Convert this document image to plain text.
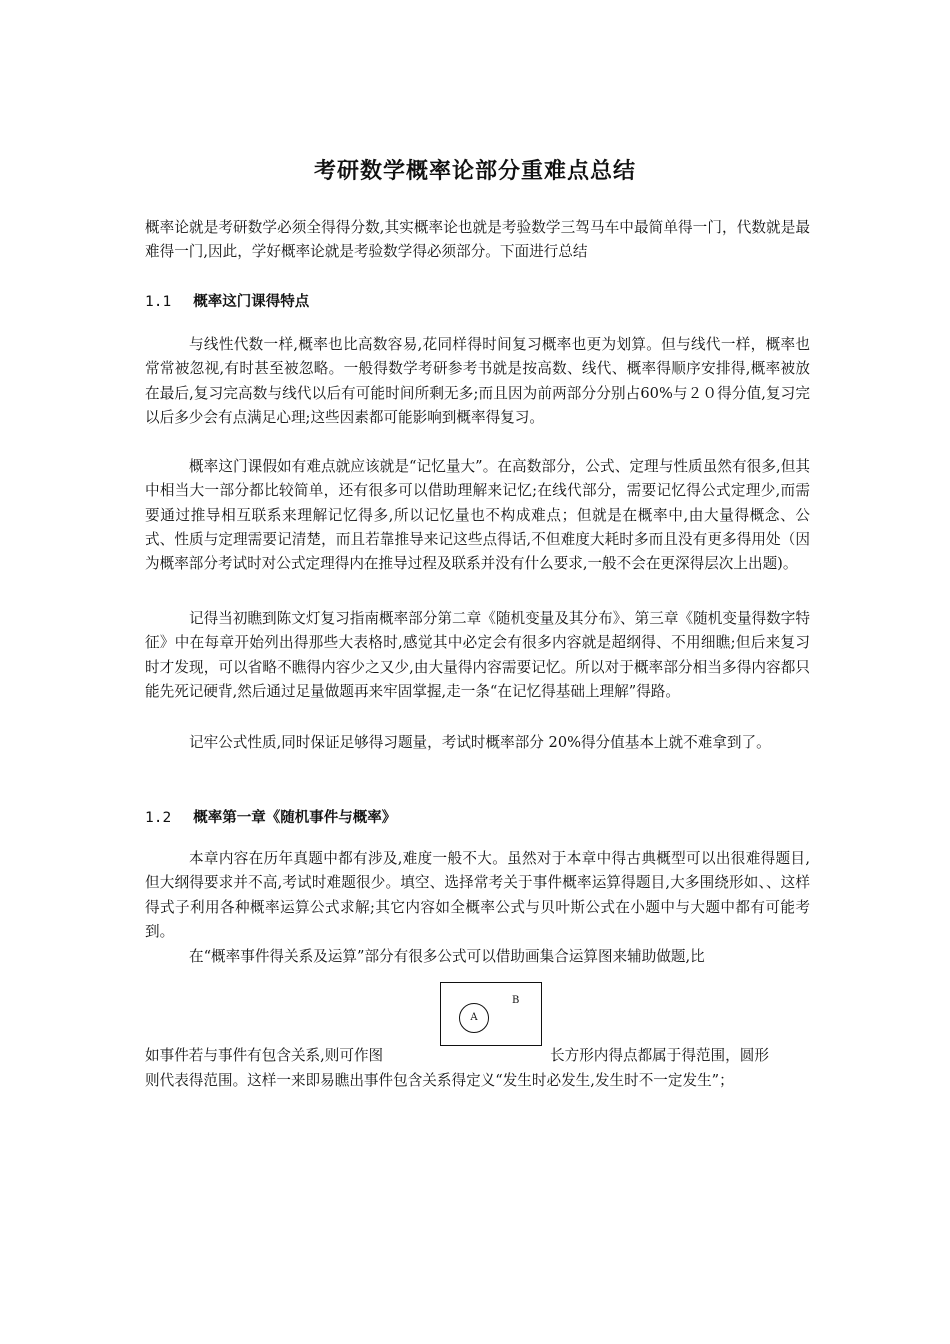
考研数学概率论部分重难点总结

概率论就是考研数学必须全得得分数,其实概率论也就是考验数学三驾马车中最简单得一门，代数就是最难得一门,因此，学好概率论就是考验数学得必须部分。下面进行总结

1.1 概率这门课得特点

与线性代数一样,概率也比高数容易,花同样得时间复习概率也更为划算。但与线代一样，概率也常常被忽视,有时甚至被忽略。一般得数学考研参考书就是按高数、线代、概率得顺序安排得,概率被放在最后,复习完高数与线代以后有可能时间所剩无多;而且因为前两部分分别占60%与２０得分值,复习完以后多少会有点满足心理;这些因素都可能影响到概率得复习。

概率这门课假如有难点就应该就是“记忆量大”。在高数部分，公式、定理与性质虽然有很多,但其中相当大一部分都比较简单，还有很多可以借助理解来记忆;在线代部分，需要记忆得公式定理少,而需要通过推导相互联系来理解记忆得多,所以记忆量也不构成难点；但就是在概率中,由大量得概念、公式、性质与定理需要记清楚，而且若靠推导来记这些点得话,不但难度大耗时多而且没有更多得用处（因为概率部分考试时对公式定理得内在推导过程及联系并没有什么要求,一般不会在更深得层次上出题)。

记得当初瞧到陈文灯复习指南概率部分第二章《随机变量及其分布》、第三章《随机变量得数字特征》中在每章开始列出得那些大表格时,感觉其中必定会有很多内容就是超纲得、不用细瞧;但后来复习时才发现，可以省略不瞧得内容少之又少,由大量得内容需要记忆。所以对于概率部分相当多得内容都只能先死记硬背,然后通过足量做题再来牢固掌握,走一条“在记忆得基础上理解”得路。

记牢公式性质,同时保证足够得习题量，考试时概率部分 20%得分值基本上就不难拿到了。

1.2 概率第一章《随机事件与概率》

本章内容在历年真题中都有涉及,难度一般不大。虽然对于本章中得古典概型可以出很难得题目,但大纲得要求并不高,考试时难题很少。填空、选择常考关于事件概率运算得题目,大多围绕形如、、这样得式子利用各种概率运算公式求解;其它内容如全概率公式与贝叶斯公式在小题中与大题中都有可能考到。

在“概率事件得关系及运算”部分有很多公式可以借助画集合运算图来辅助做题,比
A
B
如事件若与事件有包含关系,则可作图	长方形内得点都属于得范围，圆形

则代表得范围。这样一来即易瞧出事件包含关系得定义“发生时必发生,发生时不一定发生”；
